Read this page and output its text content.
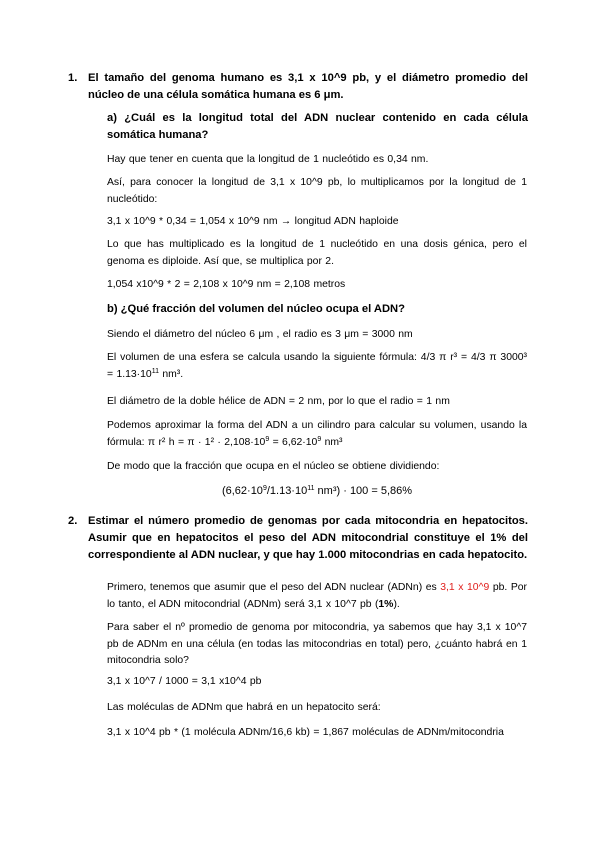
1. El tamaño del genoma humano es 3,1 x 10^9 pb, y el diámetro promedio del núcleo de una célula somática humana es 6 μm.
a) ¿Cuál es la longitud total del ADN nuclear contenido en cada célula somática humana?
Hay que tener en cuenta que la longitud de 1 nucleótido es 0,34 nm.
Así, para conocer la longitud de 3,1 x 10^9 pb, lo multiplicamos por la longitud de 1 nucleótido:
3,1 x 10^9 * 0,34 = 1,054 x 10^9 nm → longitud ADN haploide
Lo que has multiplicado es la longitud de 1 nucleótido en una dosis génica, pero el genoma es diploide. Así que, se multiplica por 2.
1,054 x10^9 * 2 = 2,108 x 10^9 nm = 2,108 metros
b) ¿Qué fracción del volumen del núcleo ocupa el ADN?
Siendo el diámetro del núcleo 6 μm , el radio es 3 μm = 3000 nm
El volumen de una esfera se calcula usando la siguiente fórmula: 4/3 π r³ = 4/3 π $3000^3 = 1.13\cdot 10^{11}$ nm³.
El diámetro de la doble hélice de ADN = 2 nm, por lo que el radio = 1 nm
Podemos aproximar la forma del ADN a un cilindro para calcular su volumen, usando la fórmula: π r² $h = \pi \cdot 1^2 \cdot 2,108\cdot 10^9 = 6,62\cdot 10^9$ nm³
De modo que la fracción que ocupa en el núcleo se obtiene dividiendo:
($6,62\cdot 10^9/1.13\cdot 10^{11}$ nm³) · 100 = 5,86%
2. Estimar el número promedio de genomas por cada mitocondria en hepatocitos. Asumir que en hepatocitos el peso del ADN mitocondrial constituye el 1% del correspondiente al ADN nuclear, y que hay 1.000 mitocondrias en cada hepatocito.
Primero, tenemos que asumir que el peso del ADN nuclear (ADNn) es 3,1 x 10^9 pb. Por lo tanto, el ADN mitocondrial (ADNm) será 3,1 x 10^7 pb (1%).
Para saber el nº promedio de genoma por mitocondria, ya sabemos que hay 3,1 x 10^7 pb de ADNm en una célula (en todas las mitocondrias en total) pero, ¿cuánto habrá en 1 mitocondria solo?
3,1 x 10^7 / 1000 = 3,1 x10^4 pb
Las moléculas de ADNm que habrá en un hepatocito será:
3,1 x 10^4 pb * (1 molécula ADNm/16,6 kb) = 1,867 moléculas de ADNm/mitocondria
